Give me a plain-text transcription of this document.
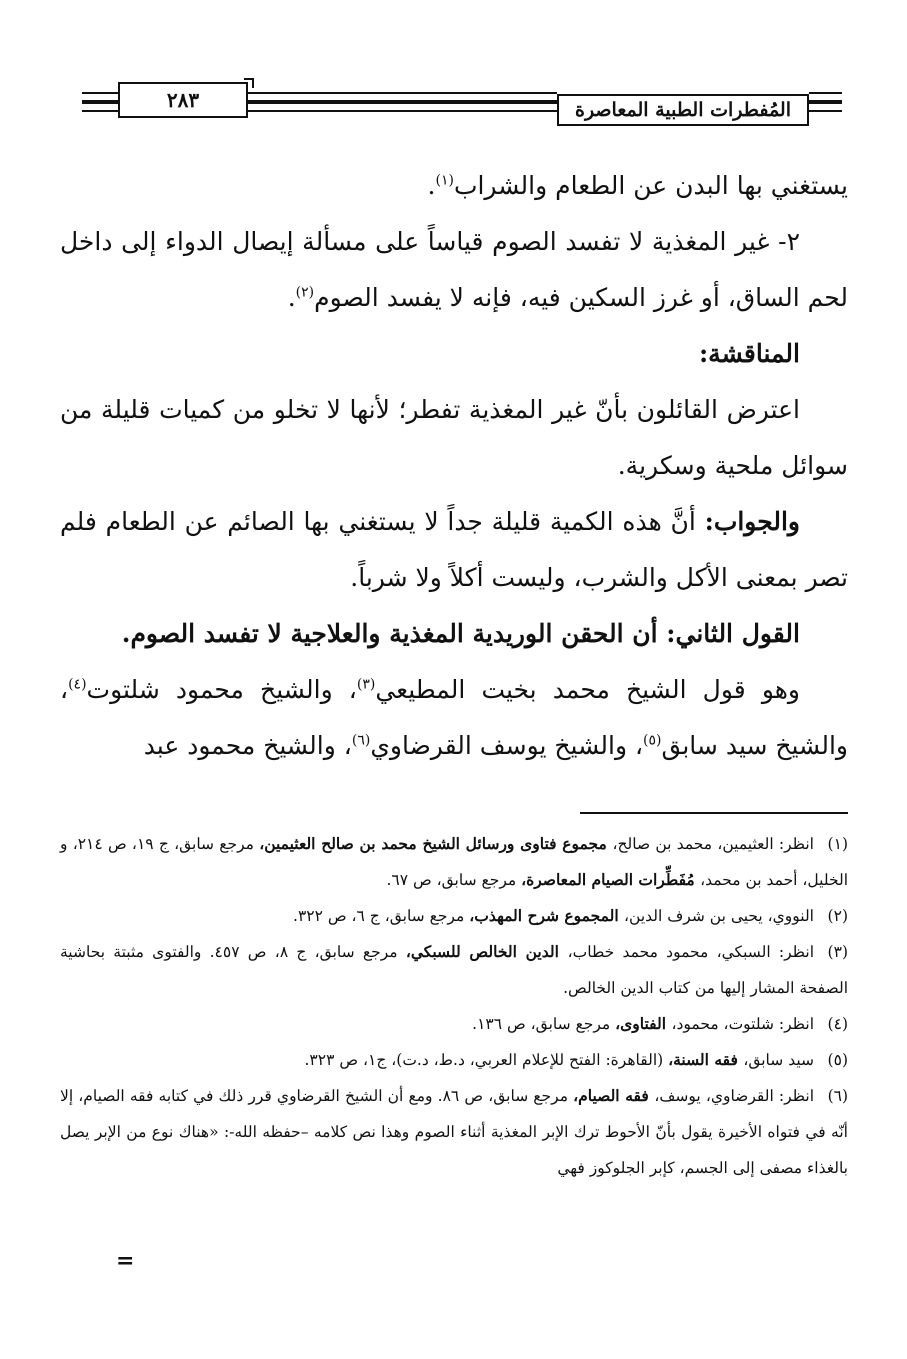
٢٨٣	المُفطرات الطبية المعاصرة

يستغني بها البدن عن الطعام والشراب$^{(١)}$.

٢- غير المغذية لا تفسد الصوم قياساً على مسألة إيصال الدواء إلى داخل لحم الساق، أو غرز السكين فيه، فإنه لا يفسد الصوم$^{(٢)}$.

المناقشة:

اعترض القائلون بأنّ غير المغذية تفطر؛ لأنها لا تخلو من كميات قليلة من سوائل ملحية وسكرية.

والجواب: أنَّ هذه الكمية قليلة جداً لا يستغني بها الصائم عن الطعام فلم تصر بمعنى الأكل والشرب، وليست أكلاً ولا شرباً.

القول الثاني: أن الحقن الوريدية المغذية والعلاجية لا تفسد الصوم.

وهو قول الشيخ محمد بخيت المطيعي$^{(٣)}$، والشيخ محمود شلتوت$^{(٤)}$، والشيخ سيد سابق$^{(٥)}$، والشيخ يوسف القرضاوي$^{(٦)}$، والشيخ محمود عبد

(١)انظر: العثيمين، محمد بن صالح، مجموع فتاوى ورسائل الشيخ محمد بن صالح العثيمين، مرجع سابق، ج ١٩، ص ٢١٤، و الخليل، أحمد بن محمد، مُفَطِّرات الصيام المعاصرة، مرجع سابق، ص ٦٧.

(٢)النووي، يحيى بن شرف الدين، المجموع شرح المهذب، مرجع سابق، ج ٦، ص ٣٢٢.

(٣)انظر: السبكي، محمود محمد خطاب، الدين الخالص للسبكي، مرجع سابق، ج ٨، ص ٤٥٧. والفتوى مثبتة بحاشية الصفحة المشار إليها من كتاب الدين الخالص.

(٤)انظر: شلتوت، محمود، الفتاوى، مرجع سابق، ص ١٣٦.

(٥)سيد سابق، فقه السنة، (القاهرة: الفتح للإعلام العربي، د.ط، د.ت)، ج١، ص ٣٢٣.

(٦)انظر: القرضاوي، يوسف، فقه الصيام، مرجع سابق، ص ٨٦. ومع أن الشيخ القرضاوي قرر ذلك في كتابه فقه الصيام، إلا أنّه في فتواه الأخيرة يقول بأنّ الأحوط ترك الإبر المغذية أثناء الصوم وهذا نص كلامه –حفظه الله-: «هناك نوع من الإبر يصل بالغذاء مصفى إلى الجسم، كإبر الجلوكوز فهي

=
